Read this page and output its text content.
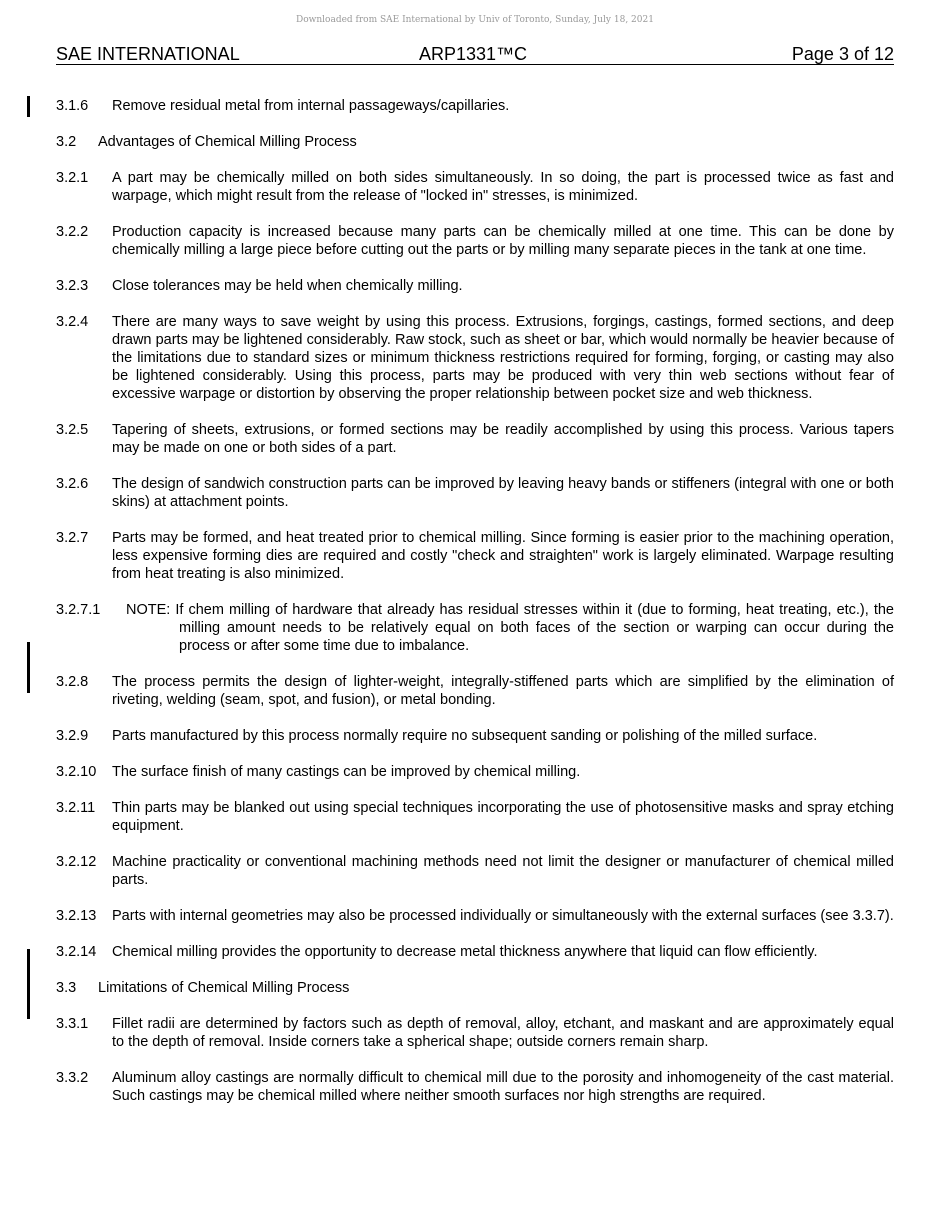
Downloaded from SAE International by Univ of Toronto, Sunday, July 18, 2021
SAE INTERNATIONAL	ARP1331™C	Page 3 of 12
3.1.6 Remove residual metal from internal passageways/capillaries.
3.2 Advantages of Chemical Milling Process
3.2.1 A part may be chemically milled on both sides simultaneously. In so doing, the part is processed twice as fast and warpage, which might result from the release of "locked in" stresses, is minimized.
3.2.2 Production capacity is increased because many parts can be chemically milled at one time. This can be done by chemically milling a large piece before cutting out the parts or by milling many separate pieces in the tank at one time.
3.2.3 Close tolerances may be held when chemically milling.
3.2.4 There are many ways to save weight by using this process. Extrusions, forgings, castings, formed sections, and deep drawn parts may be lightened considerably. Raw stock, such as sheet or bar, which would normally be heavier because of the limitations due to standard sizes or minimum thickness restrictions required for forming, forging, or casting may also be lightened considerably. Using this process, parts may be produced with very thin web sections without fear of excessive warpage or distortion by observing the proper relationship between pocket size and web thickness.
3.2.5 Tapering of sheets, extrusions, or formed sections may be readily accomplished by using this process. Various tapers may be made on one or both sides of a part.
3.2.6 The design of sandwich construction parts can be improved by leaving heavy bands or stiffeners (integral with one or both skins) at attachment points.
3.2.7 Parts may be formed, and heat treated prior to chemical milling. Since forming is easier prior to the machining operation, less expensive forming dies are required and costly "check and straighten" work is largely eliminated. Warpage resulting from heat treating is also minimized.
3.2.7.1 NOTE: If chem milling of hardware that already has residual stresses within it (due to forming, heat treating, etc.), the milling amount needs to be relatively equal on both faces of the section or warping can occur during the process or after some time due to imbalance.
3.2.8 The process permits the design of lighter-weight, integrally-stiffened parts which are simplified by the elimination of riveting, welding (seam, spot, and fusion), or metal bonding.
3.2.9 Parts manufactured by this process normally require no subsequent sanding or polishing of the milled surface.
3.2.10 The surface finish of many castings can be improved by chemical milling.
3.2.11 Thin parts may be blanked out using special techniques incorporating the use of photosensitive masks and spray etching equipment.
3.2.12 Machine practicality or conventional machining methods need not limit the designer or manufacturer of chemical milled parts.
3.2.13 Parts with internal geometries may also be processed individually or simultaneously with the external surfaces (see 3.3.7).
3.2.14 Chemical milling provides the opportunity to decrease metal thickness anywhere that liquid can flow efficiently.
3.3 Limitations of Chemical Milling Process
3.3.1 Fillet radii are determined by factors such as depth of removal, alloy, etchant, and maskant and are approximately equal to the depth of removal. Inside corners take a spherical shape; outside corners remain sharp.
3.3.2 Aluminum alloy castings are normally difficult to chemical mill due to the porosity and inhomogeneity of the cast material. Such castings may be chemical milled where neither smooth surfaces nor high strengths are required.
